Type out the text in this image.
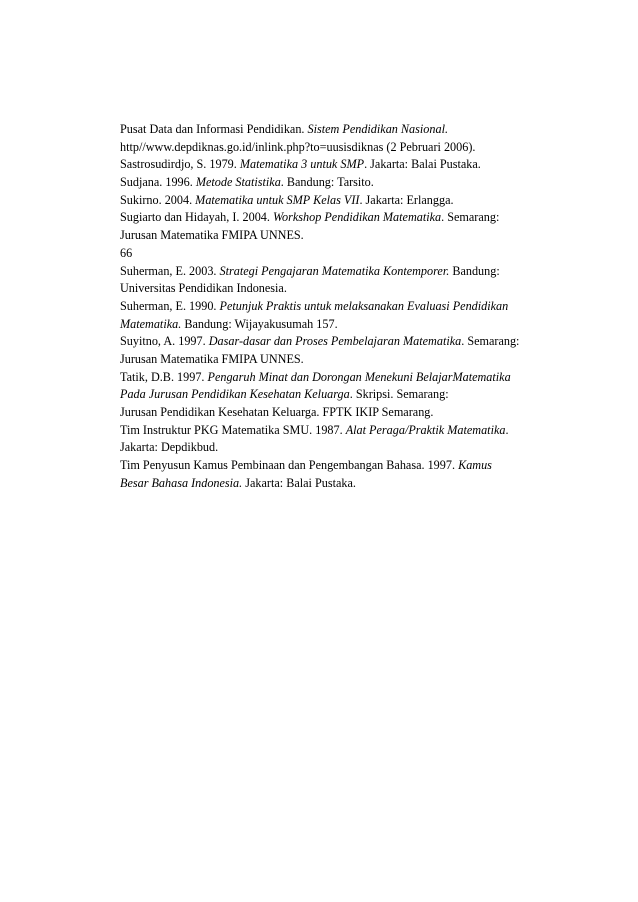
Pusat Data dan Informasi Pendidikan. Sistem Pendidikan Nasional.
http//www.depdiknas.go.id/inlink.php?to=uusisdiknas (2 Pebruari 2006).
Sastrosudirdjo, S. 1979. Matematika 3 untuk SMP. Jakarta: Balai Pustaka.
Sudjana. 1996. Metode Statistika. Bandung: Tarsito.
Sukirno. 2004. Matematika untuk SMP Kelas VII. Jakarta: Erlangga.
Sugiarto dan Hidayah, I. 2004. Workshop Pendidikan Matematika. Semarang:
Jurusan Matematika FMIPA UNNES.
66
Suherman, E. 2003. Strategi Pengajaran Matematika Kontemporer. Bandung:
Universitas Pendidikan Indonesia.
Suherman, E. 1990. Petunjuk Praktis untuk melaksanakan Evaluasi Pendidikan
Matematika. Bandung: Wijayakusumah 157.
Suyitno, A. 1997. Dasar-dasar dan Proses Pembelajaran Matematika. Semarang:
Jurusan Matematika FMIPA UNNES.
Tatik, D.B. 1997. Pengaruh Minat dan Dorongan Menekuni BelajarMatematika
Pada Jurusan Pendidikan Kesehatan Keluarga. Skripsi. Semarang:
Jurusan Pendidikan Kesehatan Keluarga. FPTK IKIP Semarang.
Tim Instruktur PKG Matematika SMU. 1987. Alat Peraga/Praktik Matematika.
Jakarta: Depdikbud.
Tim Penyusun Kamus Pembinaan dan Pengembangan Bahasa. 1997. Kamus
Besar Bahasa Indonesia. Jakarta: Balai Pustaka.
